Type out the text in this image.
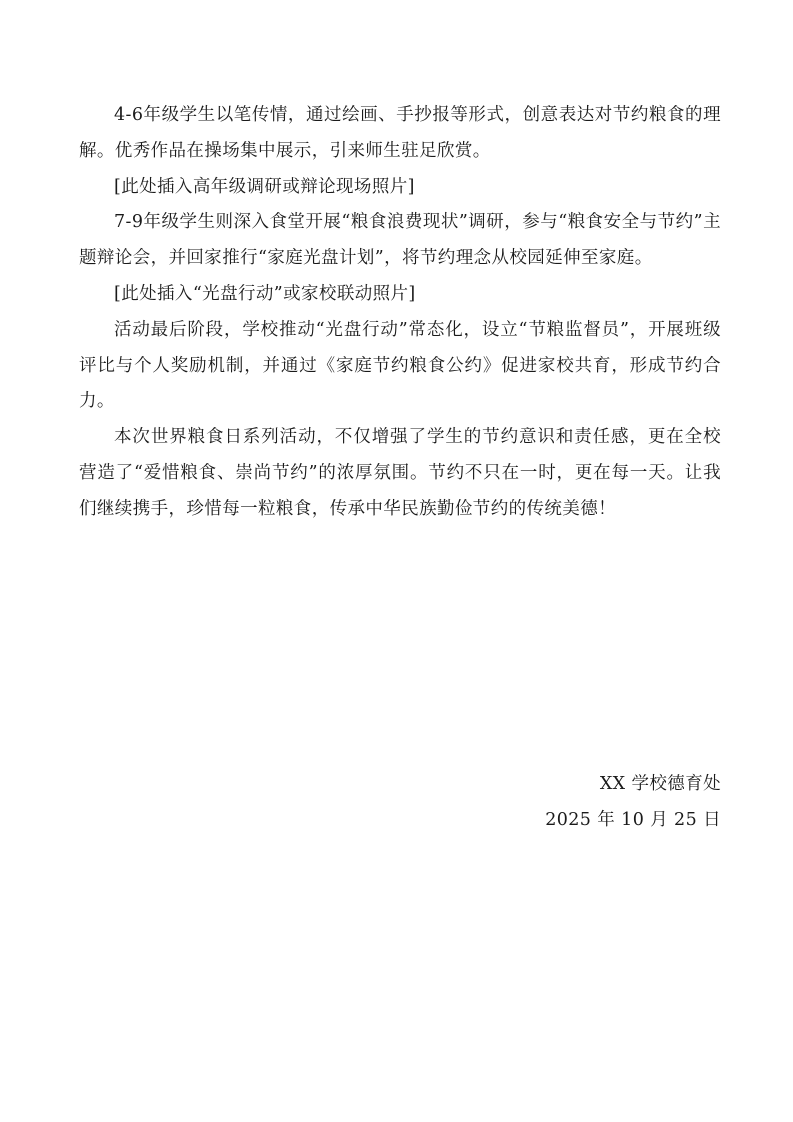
4-6年级学生以笔传情，通过绘画、手抄报等形式，创意表达对节约粮食的理解。优秀作品在操场集中展示，引来师生驻足欣赏。

[此处插入高年级调研或辩论现场照片]

7-9年级学生则深入食堂开展“粮食浪费现状”调研，参与“粮食安全与节约”主题辩论会，并回家推行“家庭光盘计划”，将节约理念从校园延伸至家庭。

[此处插入“光盘行动”或家校联动照片]

活动最后阶段，学校推动“光盘行动”常态化，设立“节粮监督员”，开展班级评比与个人奖励机制，并通过《家庭节约粮食公约》促进家校共育，形成节约合力。

本次世界粮食日系列活动，不仅增强了学生的节约意识和责任感，更在全校营造了“爱惜粮食、崇尚节约”的浓厚氛围。节约不只在一时，更在每一天。让我们继续携手，珍惜每一粒粮食，传承中华民族勤俭节约的传统美德！

XX 学校德育处

2025 年 10 月 25 日
